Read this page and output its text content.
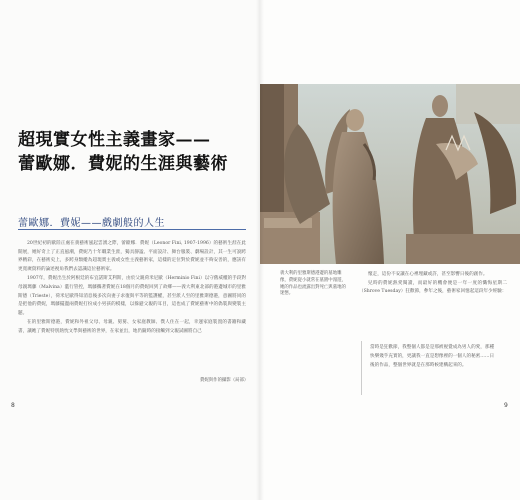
超現實女性主義畫家——
蕾歐娜．費妮的生涯與藝術
蕾歐娜．費妮——戲劇般的人生

20世紀初的歐陸正處在義藝術風起雲湧之際，蕾歐娜．費妮（Leonor Fini, 1907-1996）的藝術生涯在此開展，她好奇上了正直風潮，費妮乃十年職業生涯，獨具靜謐、平面設計、舞台服裝、劇場設計，其一生可說跨界精彩，在藝術史上，多跨身類縱為超現實主義或女性主義藝術家，這樣的定位對於費妮並不夠安善的，應該有更寬廣資料的論述視角我們去認識這位藝術家。

1907年，費妮出生於阿根廷的布宜諾斯艾利斯，由於父親荷米尼歐（Herminio Fini）以守舊威權的手段對母親瑪藤（Malvina）濫行管控，瑪藤攜著費妮在18個月的費妮回到了故鄉——義大利東北部的港邊城市的里雅斯德（Trieste），荷米尼歐得知消息後多次向妻子求復與平等的監護權，甚至派人至的里雅斯德港，意圖將同的是把他的費妮，瑪藤擺盪兩費妮打扮成小男孩的模樣，以躲避父親的耳目，這也成了費妮藝術中的偽裝與變裝主題。

在的里雅斯德港，費妮和外祖父母、母親、舅舅、女家庭教師、僕人住在一起，幸運家庭裝置的書籍和藏書，讓她了費妮特別熱忱文學與藝術的世界，在家並出，地仍隨時的接觸到父親試圖將自己

費妮與作的攝影（局部）
8
義大利的里雅斯德港邊的墓地雕像，費妮從小就常在墓園中漫遊，她的作品也流露出對死亡與墓地的迷戀。

懷走，這份不安讓在心裡埋藏或許，甚至影響日後的創作。

兒時的費妮熱愛閱讀，而最好的機會便是一年一度的懺悔星期二（Shrove Tuesday）狂歡節，參年之後，藝術家回憶起這段年少經驗：

當時是狂歡節，我整個人都是是那被視覺成為男人的愛，那種快樂幾乎充實的，更讓我一直是想像裡的一個人的秘密……日後的作品，整個世界就是在那時候建構起來的。
9
